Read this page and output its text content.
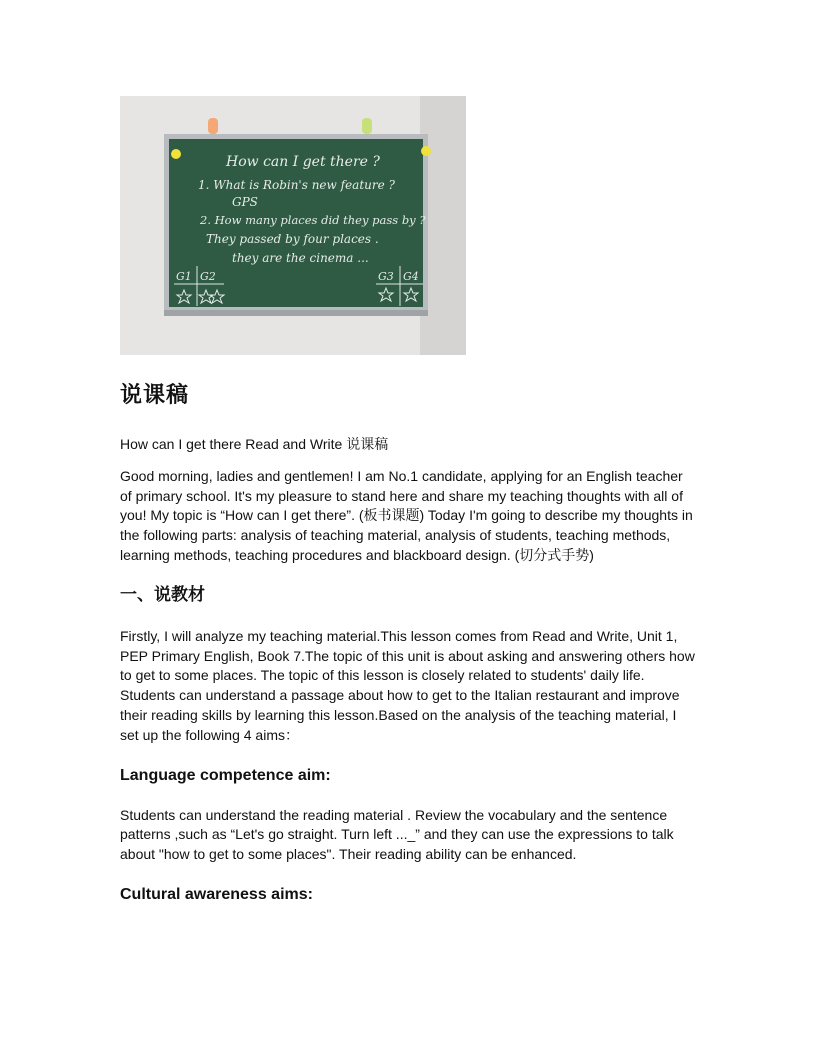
How can I get there ?
1. What is Robin's new feature ?
GPS
2. How many places did they pass by ?
They passed by four places .
they are the cinema ...
G1 G2	G3 G4
说课稿

How can I get there Read and Write 说课稿

Good morning, ladies and gentlemen! I am No.1 candidate, applying for an English teacher of primary school. It's my pleasure to stand here and share my teaching thoughts with all of you! My topic is “How can I get there”. (板书课题) Today I'm going to describe my thoughts in the following parts: analysis of teaching material, analysis of students, teaching methods, learning methods, teaching procedures and blackboard design. (切分式手势)

一、说教材

Firstly, I will analyze my teaching material.This lesson comes from Read and Write, Unit 1, PEP Primary English, Book 7.The topic of this unit is about asking and answering others how to get to some places. The topic of this lesson is closely related to students' daily life. Students can understand a passage about how to get to the Italian restaurant and improve their reading skills by learning this lesson.Based on the analysis of the teaching material, I set up the following 4 aims：

Language competence aim:

Students can understand the reading material . Review the vocabulary and the sentence patterns ,such as “Let's go straight. Turn left ..._” and they can use the expressions to talk about "how to get to some places". Their reading ability can be enhanced.

Cultural awareness aims:
